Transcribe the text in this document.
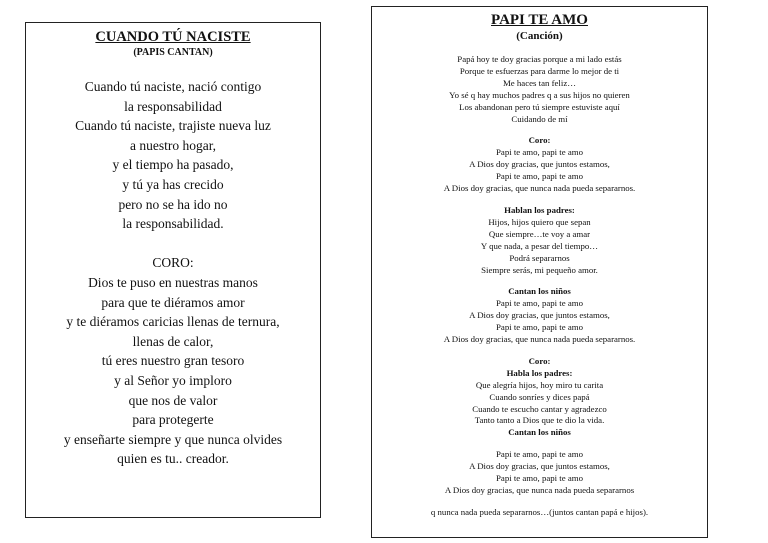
CUANDO TÚ NACISTE

(PAPIS CANTAN)

Cuando tú naciste, nació contigo
la responsabilidad
Cuando tú naciste, trajiste nueva luz
a nuestro hogar,
y el tiempo ha pasado,
y tú ya has crecido
pero no se ha ido no
la responsabilidad.
CORO:
Dios te puso en nuestras manos
para que te diéramos amor
y te diéramos caricias llenas de ternura,
llenas de calor,
tú eres nuestro gran tesoro
y al Señor yo imploro
que nos de valor
para protegerte
y enseñarte siempre y que nunca olvides
quien es tu.. creador.

PAPI TE AMO

(Canción)

Papá hoy te doy gracias porque a mi lado estás
Porque te esfuerzas para darme lo mejor de ti
Me haces tan feliz…
Yo sé q hay muchos padres q a sus hijos no quieren
Los abandonan pero tú siempre estuviste aquí
Cuidando de mí
Coro:
Papi te amo, papi te amo
A Dios doy gracias, que juntos estamos,
Papi te amo, papi te amo
A Dios doy gracias, que nunca nada pueda separarnos.
Hablan los padres:
Hijos, hijos quiero que sepan
Que siempre…te voy a amar
Y que nada, a pesar del tiempo…
Podrá separarnos
Siempre serás, mi pequeño amor.
Cantan los niños
Papi te amo, papi te amo
A Dios doy gracias, que juntos estamos,
Papi te amo, papi te amo
A Dios doy gracias, que nunca nada pueda separarnos.
Coro:
Habla los padres:
Que alegría hijos, hoy miro tu carita
Cuando sonríes y dices papá
Cuando te escucho cantar y agradezco
Tanto tanto a Dios que te dio la vida.
Cantan los niños
Papi te amo, papi te amo
A Dios doy gracias, que juntos estamos,
Papi te amo, papi te amo
A Dios doy gracias, que nunca nada pueda separarnos
q nunca nada pueda separarnos…(juntos cantan papá e hijos).
